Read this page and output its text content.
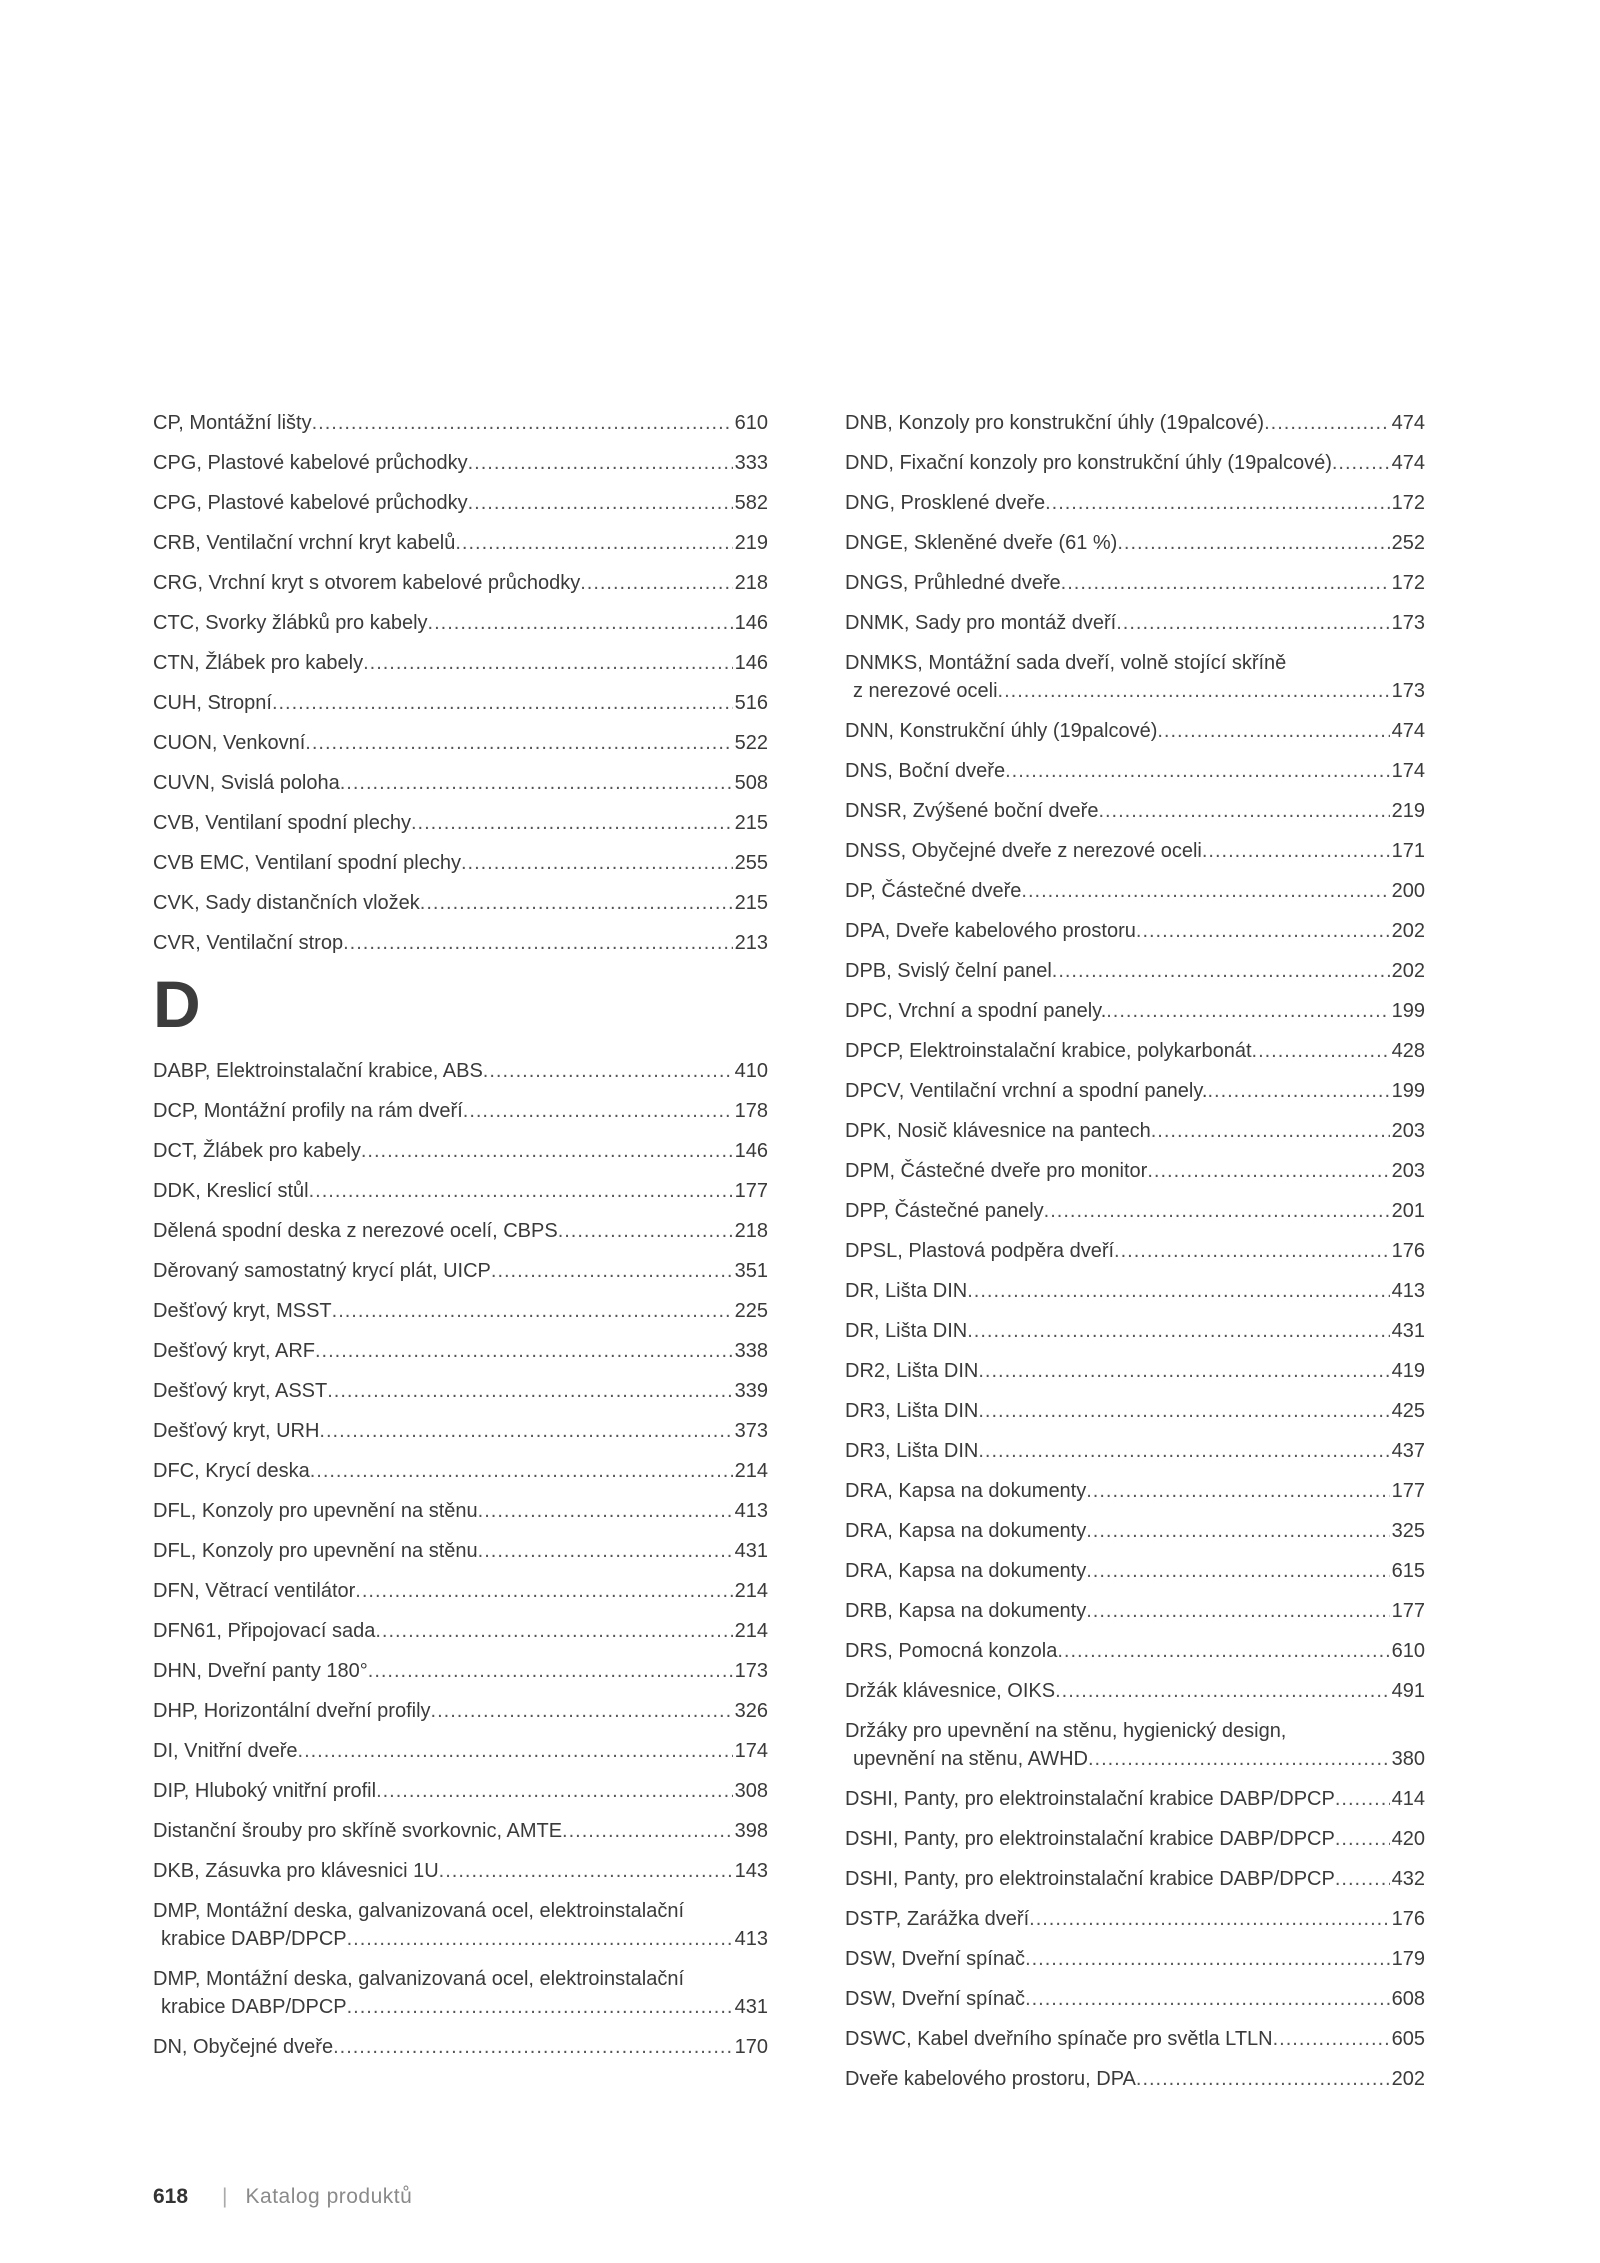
CP, Montážní lišty .....	610
CPG, Plastové kabelové průchodky .....	333
CPG, Plastové kabelové průchodky .....	582
CRB, Ventilační vrchní kryt kabelů .....	219
CRG, Vrchní kryt s otvorem kabelové průchodky .....	218
CTC, Svorky žlábků pro kabely .....	146
CTN, Žlábek pro kabely .....	146
CUH, Stropní .....	516
CUON, Venkovní .....	522
CUVN, Svislá poloha .....	508
CVB, Ventilaní spodní plechy .....	215
CVB EMC, Ventilaní spodní plechy .....	255
CVK, Sady distančních vložek .....	215
CVR, Ventilační strop .....	213
D
DABP, Elektroinstalační krabice, ABS .....	410
DCP, Montážní profily na rám dveří .....	178
DCT, Žlábek pro kabely .....	146
DDK, Kreslicí stůl .....	177
Dělená spodní deska z nerezové ocelí, CBPS .....	218
Děrovaný samostatný krycí plát, UICP .....	351
Dešťový kryt, MSST .....	225
Dešťový kryt, ARF .....	338
Dešťový kryt, ASST .....	339
Dešťový kryt, URH .....	373
DFC, Krycí deska .....	214
DFL, Konzoly pro upevnění na stěnu .....	413
DFL, Konzoly pro upevnění na stěnu .....	431
DFN, Větrací ventilátor .....	214
DFN61, Připojovací sada .....	214
DHN, Dveřní panty 180° .....	173
DHP, Horizontální dveřní profily .....	326
DI, Vnitřní dveře .....	174
DIP, Hluboký vnitřní profil .....	308
Distanční šrouby pro skříně svorkovnic, AMTE .....	398
DKB, Zásuvka pro klávesnici 1U .....	143
DMP, Montážní deska, galvanizovaná ocel, elektroinstalační
krabice DABP/DPCP .....	413
DMP, Montážní deska, galvanizovaná ocel, elektroinstalační
krabice DABP/DPCP .....	431
DN, Obyčejné dveře .....	170
DNB, Konzoly pro konstrukční úhly (19palcové) .....	474
DND, Fixační konzoly pro konstrukční úhly (19palcové) .....	474
DNG, Prosklené dveře .....	172
DNGE, Skleněné dveře (61 %) .....	252
DNGS, Průhledné dveře .....	172
DNMK, Sady pro montáž dveří .....	173
DNMKS, Montážní sada dveří, volně stojící skříně
z nerezové oceli .....	173
DNN, Konstrukční úhly (19palcové) .....	474
DNS, Boční dveře .....	174
DNSR, Zvýšené boční dveře .....	219
DNSS, Obyčejné dveře z nerezové oceli .....	171
DP, Částečné dveře .....	200
DPA, Dveře kabelového prostoru .....	202
DPB, Svislý čelní panel .....	202
DPC, Vrchní a spodní panely. .....	199
DPCP, Elektroinstalační krabice, polykarbonát .....	428
DPCV, Ventilační vrchní a spodní panely. .....	199
DPK, Nosič klávesnice na pantech .....	203
DPM, Částečné dveře pro monitor .....	203
DPP, Částečné panely .....	201
DPSL, Plastová podpěra dveří .....	176
DR, Lišta DIN .....	413
DR, Lišta DIN .....	431
DR2, Lišta DIN .....	419
DR3, Lišta DIN .....	425
DR3, Lišta DIN .....	437
DRA, Kapsa na dokumenty .....	177
DRA, Kapsa na dokumenty .....	325
DRA, Kapsa na dokumenty .....	615
DRB, Kapsa na dokumenty .....	177
DRS, Pomocná konzola .....	610
Držák klávesnice, OIKS .....	491
Držáky pro upevnění na stěnu, hygienický design,
upevnění na stěnu, AWHD .....	380
DSHI, Panty, pro elektroinstalační krabice DABP/DPCP .....	414
DSHI, Panty, pro elektroinstalační krabice DABP/DPCP .....	420
DSHI, Panty, pro elektroinstalační krabice DABP/DPCP .....	432
DSTP, Zarážka dveří .....	176
DSW, Dveřní spínač .....	179
DSW, Dveřní spínač .....	608
DSWC, Kabel dveřního spínače pro světla LTLN .....	605
Dveře kabelového prostoru, DPA .....	202
618 | Katalog produktů
